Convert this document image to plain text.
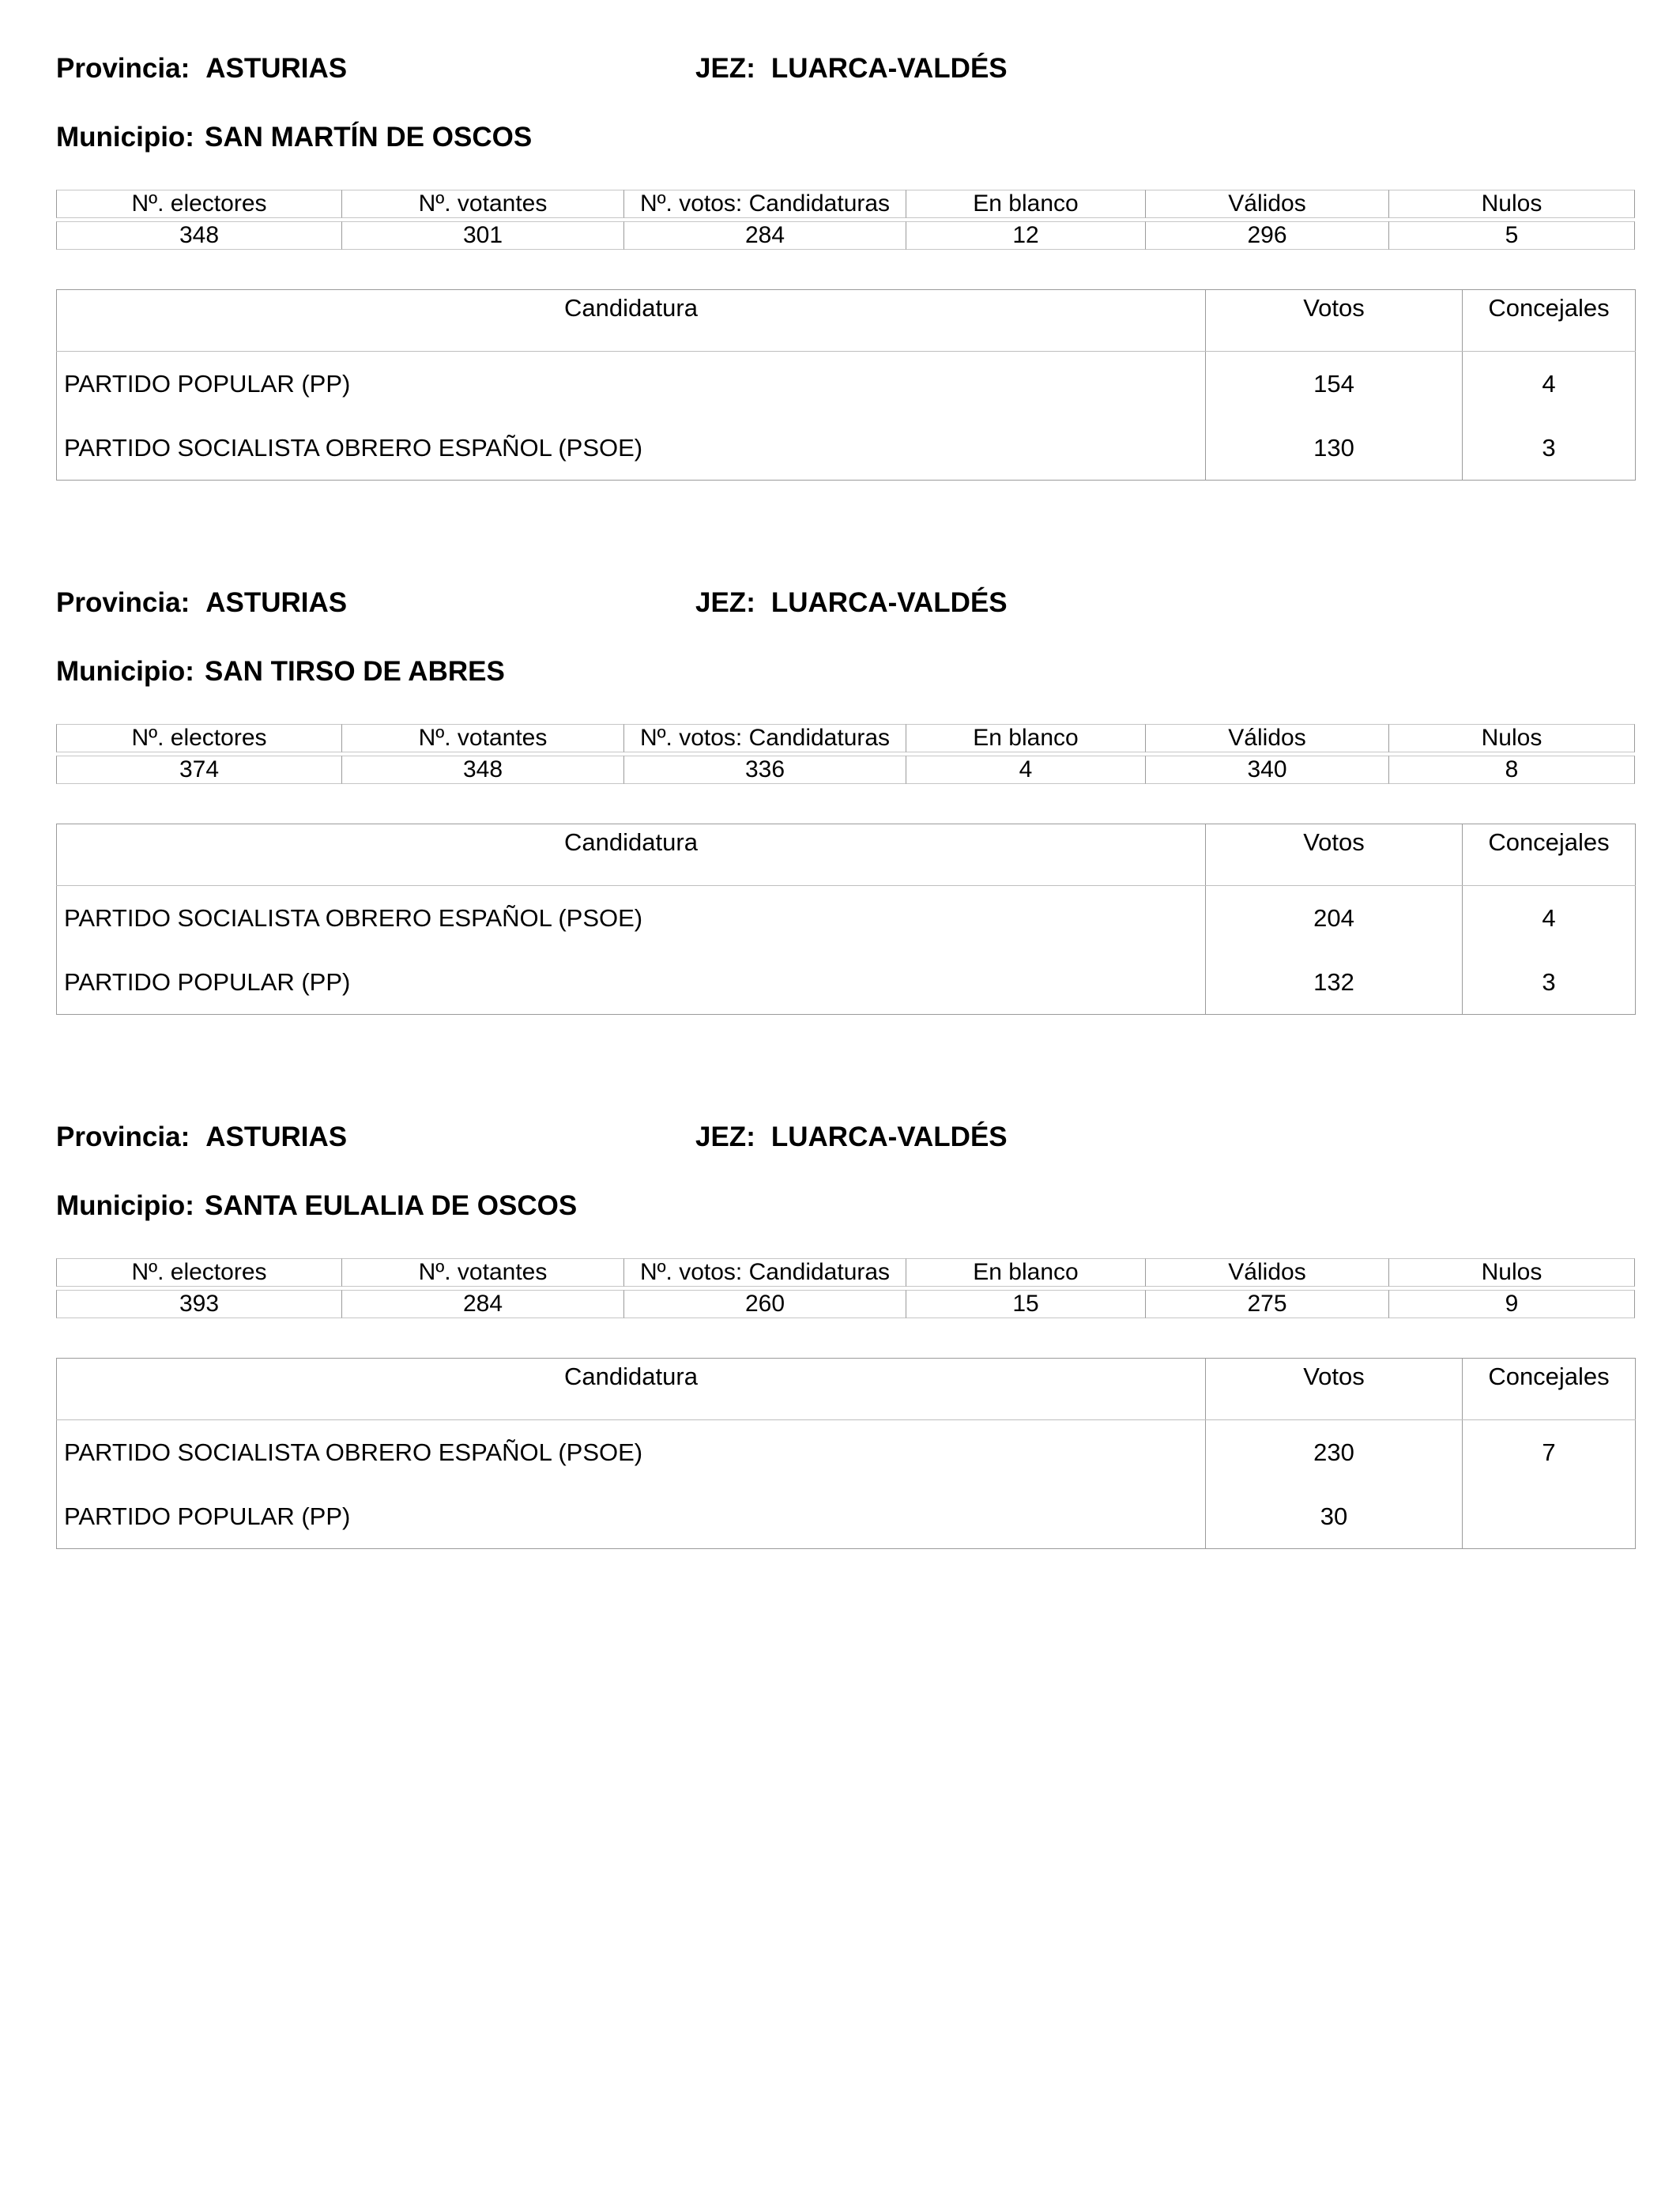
Provincia: ASTURIAS	JEZ: LUARCA-VALDÉS
Municipio: SAN MARTÍN DE OSCOS
Nº. electores	Nº. votantes	Nº. votos: Candidaturas	En blanco	Válidos	Nulos
348	301	284	12	296	5
Candidatura	Votos	Concejales
PARTIDO POPULAR (PP)	154	4
PARTIDO SOCIALISTA OBRERO ESPAÑOL (PSOE)	130	3
Provincia: ASTURIAS	JEZ: LUARCA-VALDÉS
Municipio: SAN TIRSO DE ABRES
Nº. electores	Nº. votantes	Nº. votos: Candidaturas	En blanco	Válidos	Nulos
374	348	336	4	340	8
Candidatura	Votos	Concejales
PARTIDO SOCIALISTA OBRERO ESPAÑOL (PSOE)	204	4
PARTIDO POPULAR (PP)	132	3
Provincia: ASTURIAS	JEZ: LUARCA-VALDÉS
Municipio: SANTA EULALIA DE OSCOS
Nº. electores	Nº. votantes	Nº. votos: Candidaturas	En blanco	Válidos	Nulos
393	284	260	15	275	9
Candidatura	Votos	Concejales
PARTIDO SOCIALISTA OBRERO ESPAÑOL (PSOE)	230	7
PARTIDO POPULAR (PP)	30	
